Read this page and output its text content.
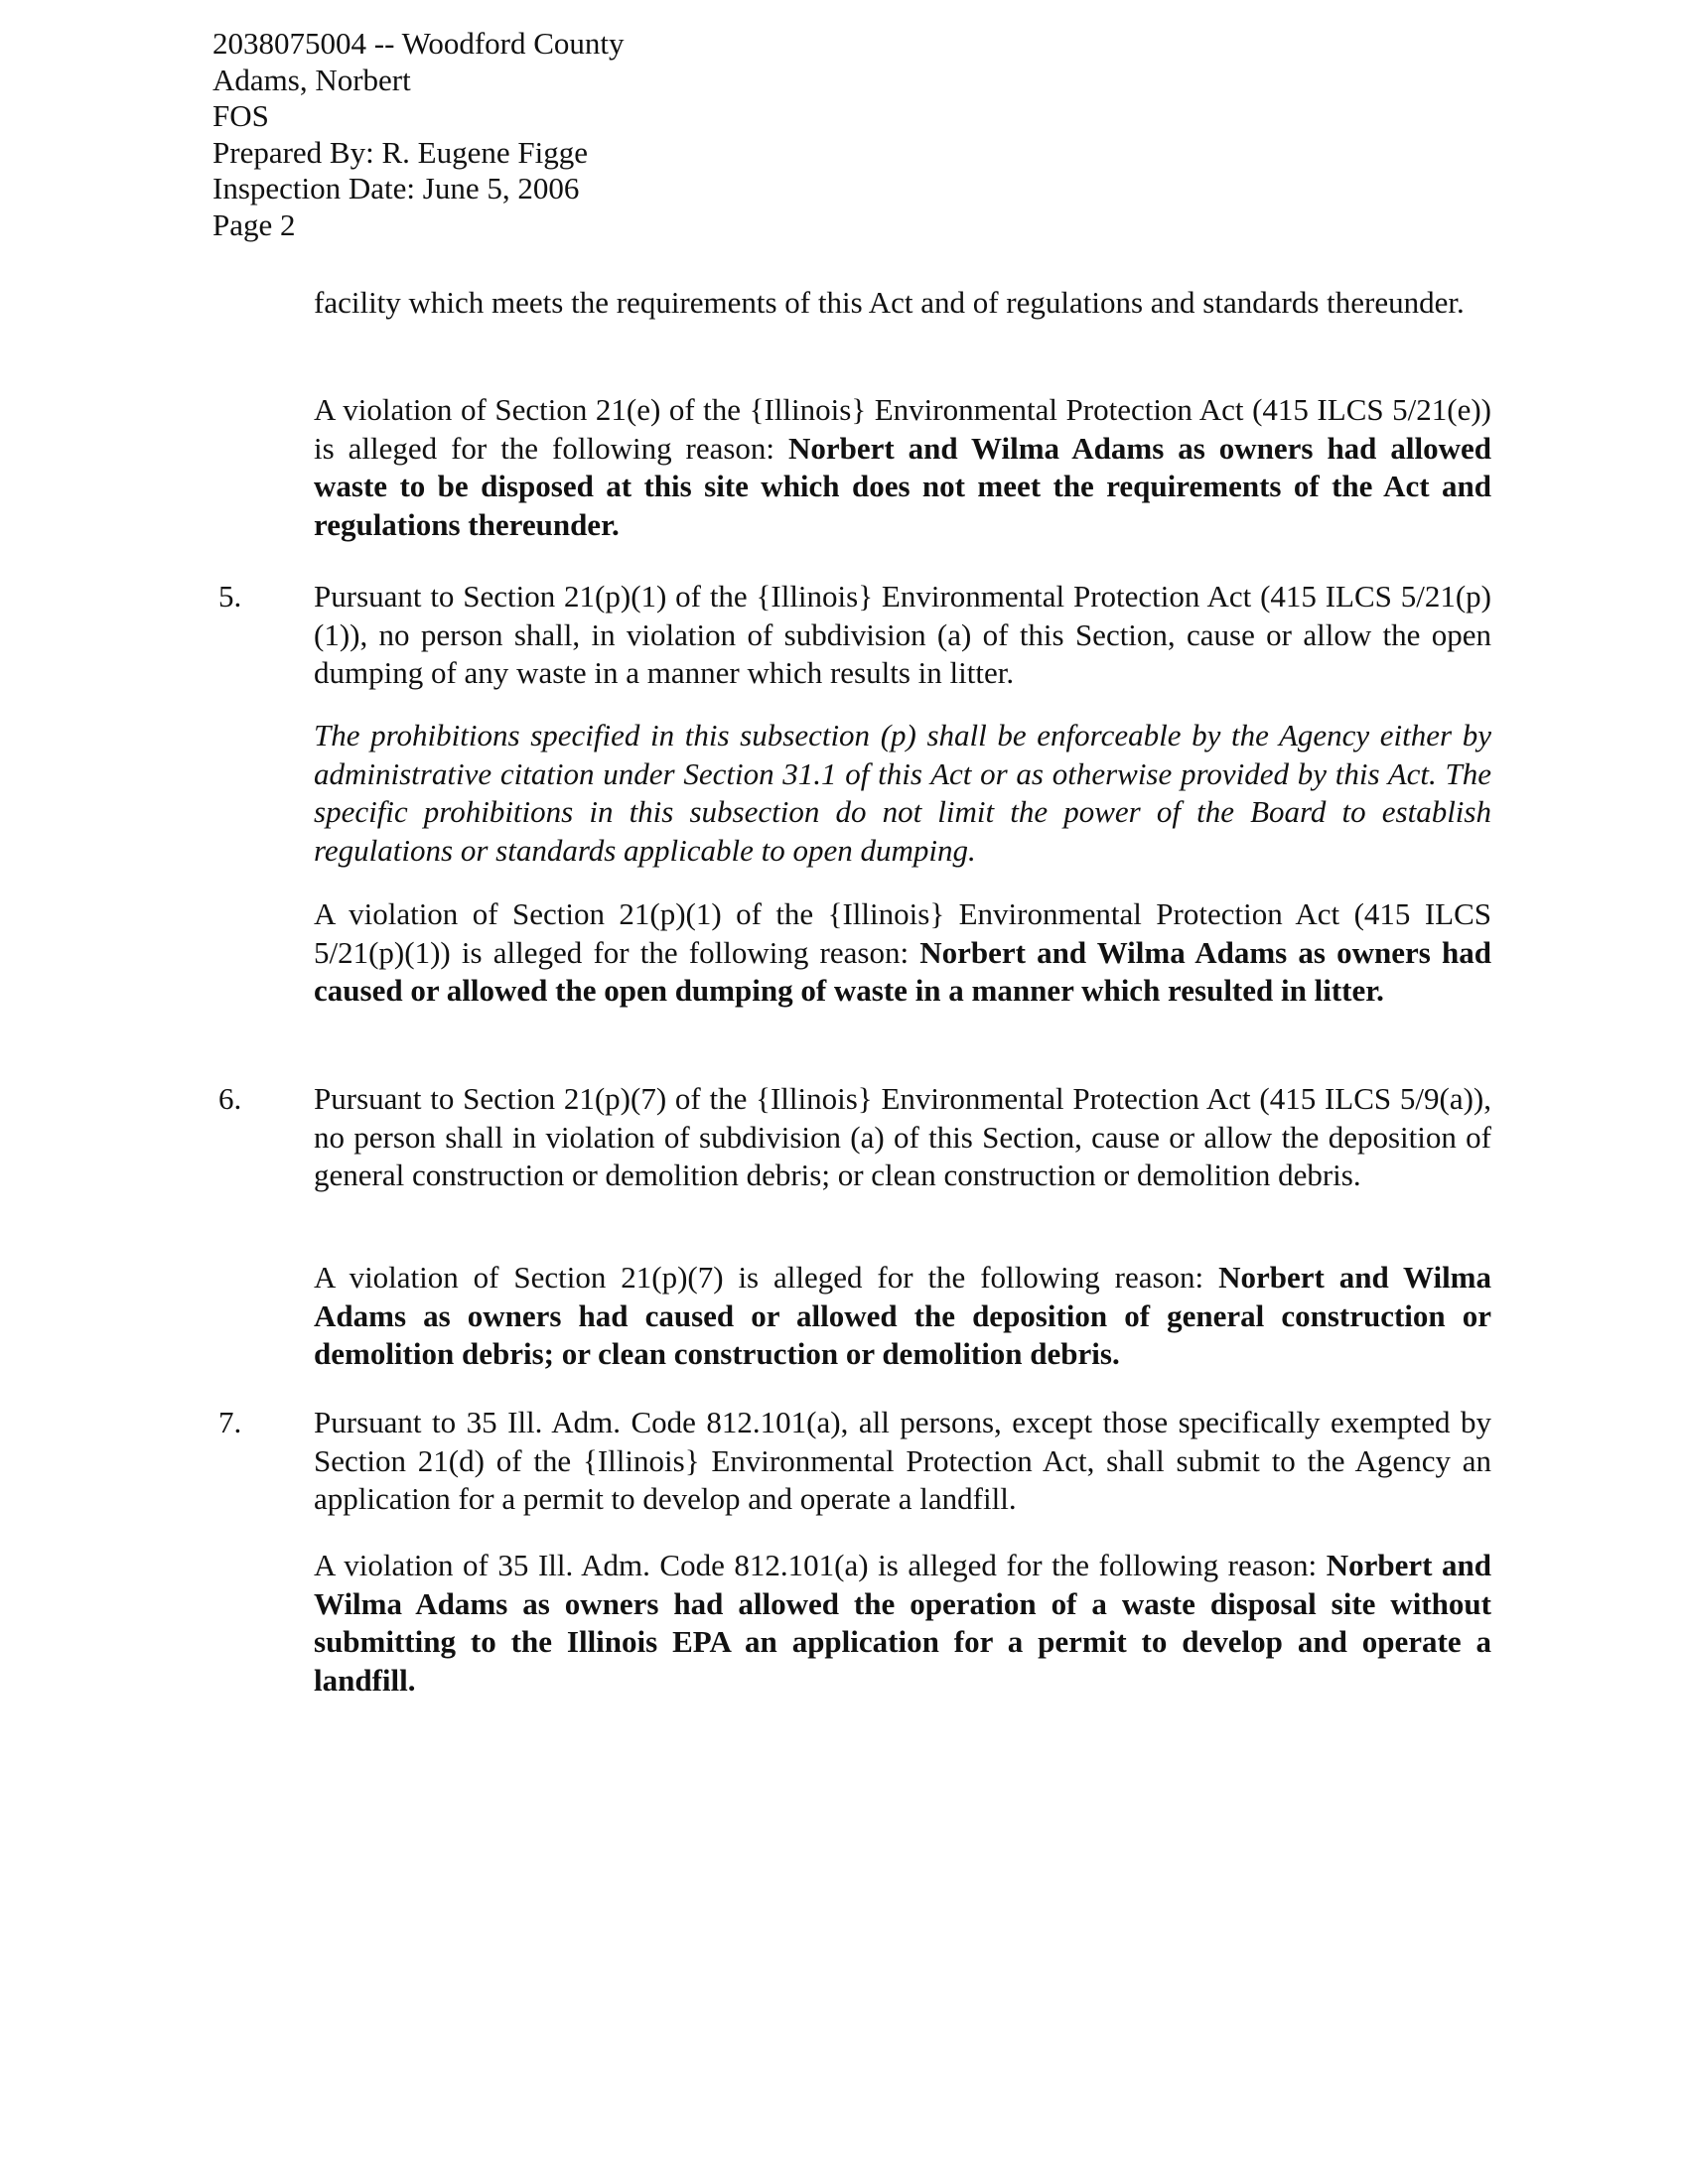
2038075004 -- Woodford County
Adams, Norbert
FOS
Prepared By: R. Eugene Figge
Inspection Date: June 5, 2006
Page 2

facility which meets the requirements of this Act and of regulations and standards thereunder.

A violation of Section 21(e) of the {Illinois} Environmental Protection Act (415 ILCS 5/21(e)) is alleged for the following reason: Norbert and Wilma Adams as owners had allowed waste to be disposed at this site which does not meet the requirements of the Act and regulations thereunder.

5. Pursuant to Section 21(p)(1) of the {Illinois} Environmental Protection Act (415 ILCS 5/21(p)(1)), no person shall, in violation of subdivision (a) of this Section, cause or allow the open dumping of any waste in a manner which results in litter.

The prohibitions specified in this subsection (p) shall be enforceable by the Agency either by administrative citation under Section 31.1 of this Act or as otherwise provided by this Act. The specific prohibitions in this subsection do not limit the power of the Board to establish regulations or standards applicable to open dumping.

A violation of Section 21(p)(1) of the {Illinois} Environmental Protection Act (415 ILCS 5/21(p)(1)) is alleged for the following reason: Norbert and Wilma Adams as owners had caused or allowed the open dumping of waste in a manner which resulted in litter.

6. Pursuant to Section 21(p)(7) of the {Illinois} Environmental Protection Act (415 ILCS 5/9(a)), no person shall in violation of subdivision (a) of this Section, cause or allow the deposition of general construction or demolition debris; or clean construction or demolition debris.

A violation of Section 21(p)(7) is alleged for the following reason: Norbert and Wilma Adams as owners had caused or allowed the deposition of general construction or demolition debris; or clean construction or demolition debris.

7. Pursuant to 35 Ill. Adm. Code 812.101(a), all persons, except those specifically exempted by Section 21(d) of the {Illinois} Environmental Protection Act, shall submit to the Agency an application for a permit to develop and operate a landfill.

A violation of 35 Ill. Adm. Code 812.101(a) is alleged for the following reason: Norbert and Wilma Adams as owners had allowed the operation of a waste disposal site without submitting to the Illinois EPA an application for a permit to develop and operate a landfill.
